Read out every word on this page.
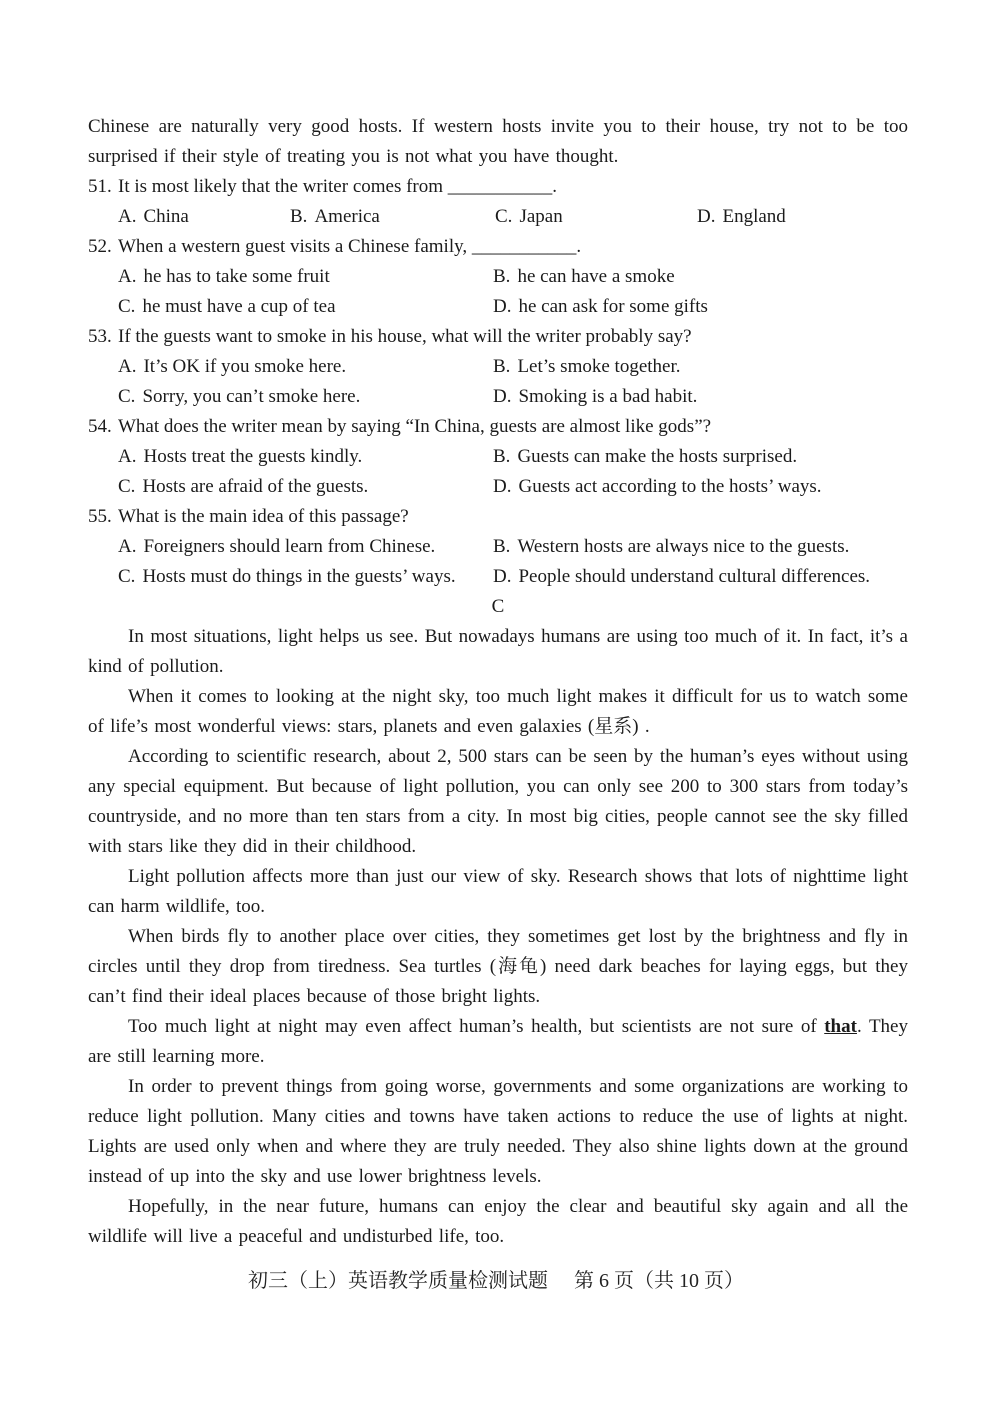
Chinese are naturally very good hosts. If western hosts invite you to their house, try not to be too surprised if their style of treating you is not what you have thought.

51. It is most likely that the writer comes from ___________.
A. China	B. America	C. Japan	D. England
52. When a western guest visits a Chinese family, ___________.
A. he has to take some fruit	B. he can have a smoke
C. he must have a cup of tea	D. he can ask for some gifts
53. If the guests want to smoke in his house, what will the writer probably say?
A. It’s OK if you smoke here.	B. Let’s smoke together.
C. Sorry, you can’t smoke here.	D. Smoking is a bad habit.
54. What does the writer mean by saying “In China, guests are almost like gods”?
A. Hosts treat the guests kindly.	B. Guests can make the hosts surprised.
C. Hosts are afraid of the guests.	D. Guests act according to the hosts’ ways.
55. What is the main idea of this passage?
A. Foreigners should learn from Chinese.	B. Western hosts are always nice to the guests.
C. Hosts must do things in the guests’ ways.	D. People should understand cultural differences.
C

In most situations, light helps us see. But nowadays humans are using too much of it. In fact, it’s a kind of pollution.

When it comes to looking at the night sky, too much light makes it difficult for us to watch some of life’s most wonderful views: stars, planets and even galaxies (星系) .

According to scientific research, about 2, 500 stars can be seen by the human’s eyes without using any special equipment. But because of light pollution, you can only see 200 to 300 stars from today’s countryside, and no more than ten stars from a city. In most big cities, people cannot see the sky filled with stars like they did in their childhood.

Light pollution affects more than just our view of sky. Research shows that lots of nighttime light can harm wildlife, too.

When birds fly to another place over cities, they sometimes get lost by the brightness and fly in circles until they drop from tiredness. Sea turtles (海龟) need dark beaches for laying eggs, but they can’t find their ideal places because of those bright lights.

Too much light at night may even affect human’s health, but scientists are not sure of that. They are still learning more.

In order to prevent things from going worse, governments and some organizations are working to reduce light pollution. Many cities and towns have taken actions to reduce the use of lights at night. Lights are used only when and where they are truly needed. They also shine lights down at the ground instead of up into the sky and use lower brightness levels.

Hopefully, in the near future, humans can enjoy the clear and beautiful sky again and all the wildlife will live a peaceful and undisturbed life, too.

初三（上）英语教学质量检测试题 第 6 页（共 10 页）
